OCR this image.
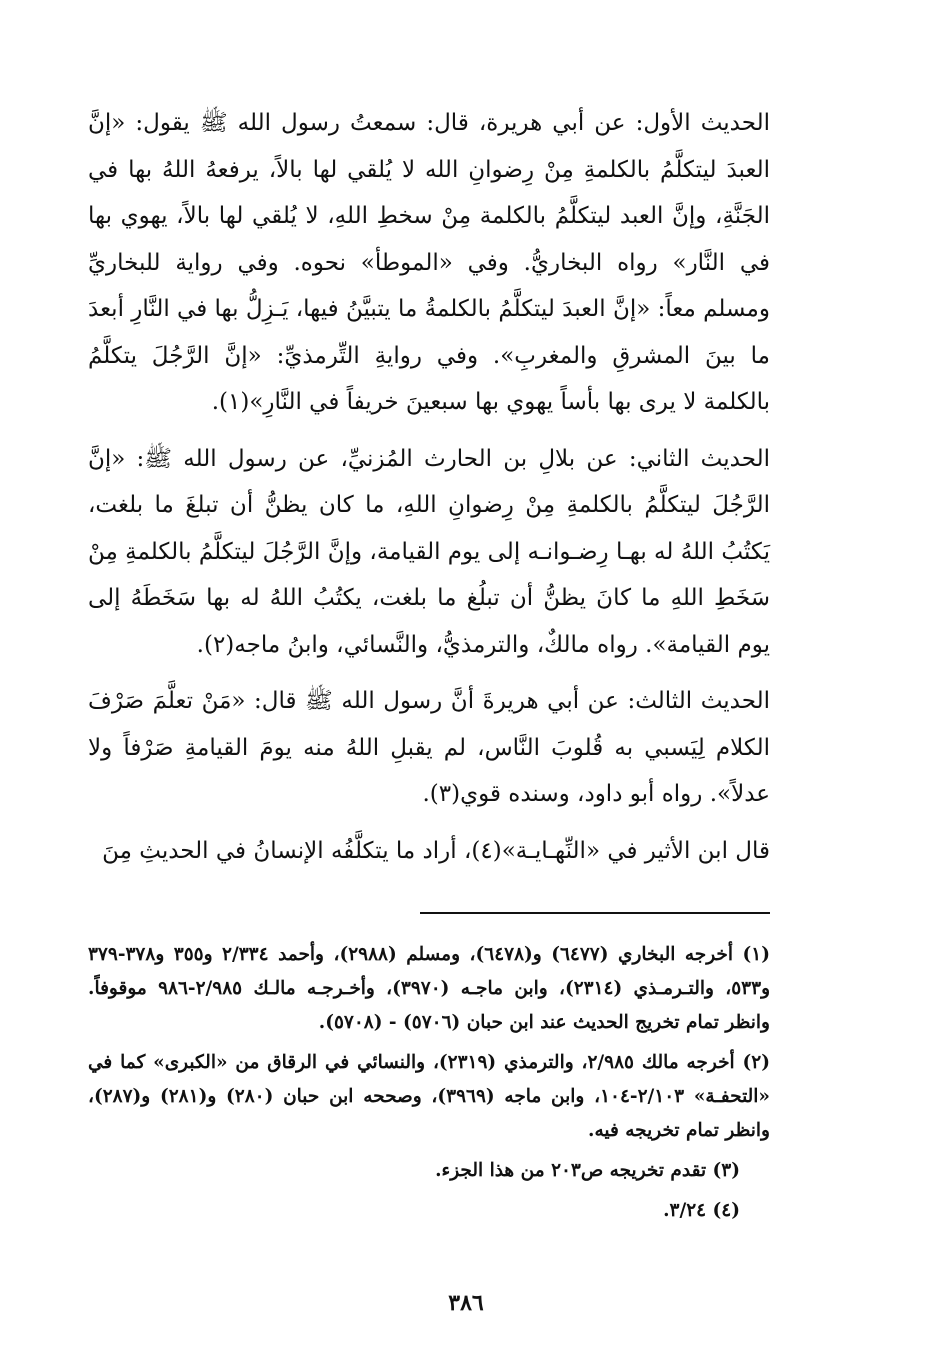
الحديث الأول: عن أبي هريرة، قال: سمعتُ رسول الله ﷺ يقول: «إنَّ العبدَ ليتكلَّمُ بالكلمةِ مِنْ رِضوانِ الله لا يُلقي لها بالاً، يرفعهُ اللهُ بها في الجَنَّةِ، وإنَّ العبد ليتكلَّمُ بالكلمة مِنْ سخطِ اللهِ، لا يُلقي لها بالاً، يهوي بها في النَّار» رواه البخاريُّ. وفي «الموطأ» نحوه. وفي رواية للبخاريِّ ومسلم معاً: «إنَّ العبدَ ليتكلَّمُ بالكلمةُ ما يتبيَّنُ فيها، يَـزِلُّ بها في النَّارِ أبعدَ ما بينَ المشرقِ والمغربِ». وفي روايةِ التِّرمذيِّ: «إنَّ الرَّجُلَ يتكلَّمُ بالكلمة لا يرى بها بأساً يهوي بها سبعينَ خريفاً في النَّارِ»(١).

الحديث الثاني: عن بلالِ بن الحارث المُزنيِّ، عن رسول الله ﷺ: «إنَّ الرَّجُلَ ليتكلَّمُ بالكلمةِ مِنْ رِضوانِ اللهِ، ما كان يظنُّ أن تبلغَ ما بلغت، يَكتُبُ اللهُ له بهـا رِضـوانـه إلى يوم القيامة، وإنَّ الرَّجُلَ ليتكلَّمُ بالكلمةِ مِنْ سَخَطِ اللهِ ما كانَ يظنُّ أن تبلُغ ما بلغت، يكتُبُ اللهُ له بها سَخَطَهُ إلى يوم القيامة». رواه مالكٌ، والترمذيُّ، والنَّسائي، وابنُ ماجه(٢).

الحديث الثالث: عن أبي هريرةَ أنَّ رسول الله ﷺ قال: «مَنْ تعلَّمَ صَرْفَ الكلام لِيَسبي به قُلوبَ النَّاس، لم يقبلِ اللهُ منه يومَ القيامةِ صَرْفاً ولا عدلاً». رواه أبو داود، وسنده قوي(٣).

قال ابن الأثير في «النِّهـايـة»(٤)، أراد ما يتكلَّفُه الإنسانُ في الحديثِ مِنَ

(١) أخرجه البخاري (٦٤٧٧) و(٦٤٧٨)، ومسلم (٢٩٨٨)، وأحمد ٢/٣٣٤ و٣٥٥ و٣٧٨-٣٧٩ و٥٣٣، والتـرمـذي (٢٣١٤)، وابن ماجـه (٣٩٧٠)، وأخـرجـه مالـك ٢/٩٨٥-٩٨٦ موقوفاً. وانظر تمام تخريج الحديث عند ابن حبان (٥٧٠٦) - (٥٧٠٨).

(٢) أخرجه مالك ٢/٩٨٥، والترمذي (٢٣١٩)، والنسائي في الرقاق من «الكبرى» كما في «التحفـة» ٢/١٠٣-١٠٤، وابن ماجه (٣٩٦٩)، وصححه ابن حبان (٢٨٠) و(٢٨١) و(٢٨٧)، وانظر تمام تخريجه فيه.

(٣) تقدم تخريجه ص٢٠٣ من هذا الجزء.

(٤) ٣/٢٤.

٣٨٦
